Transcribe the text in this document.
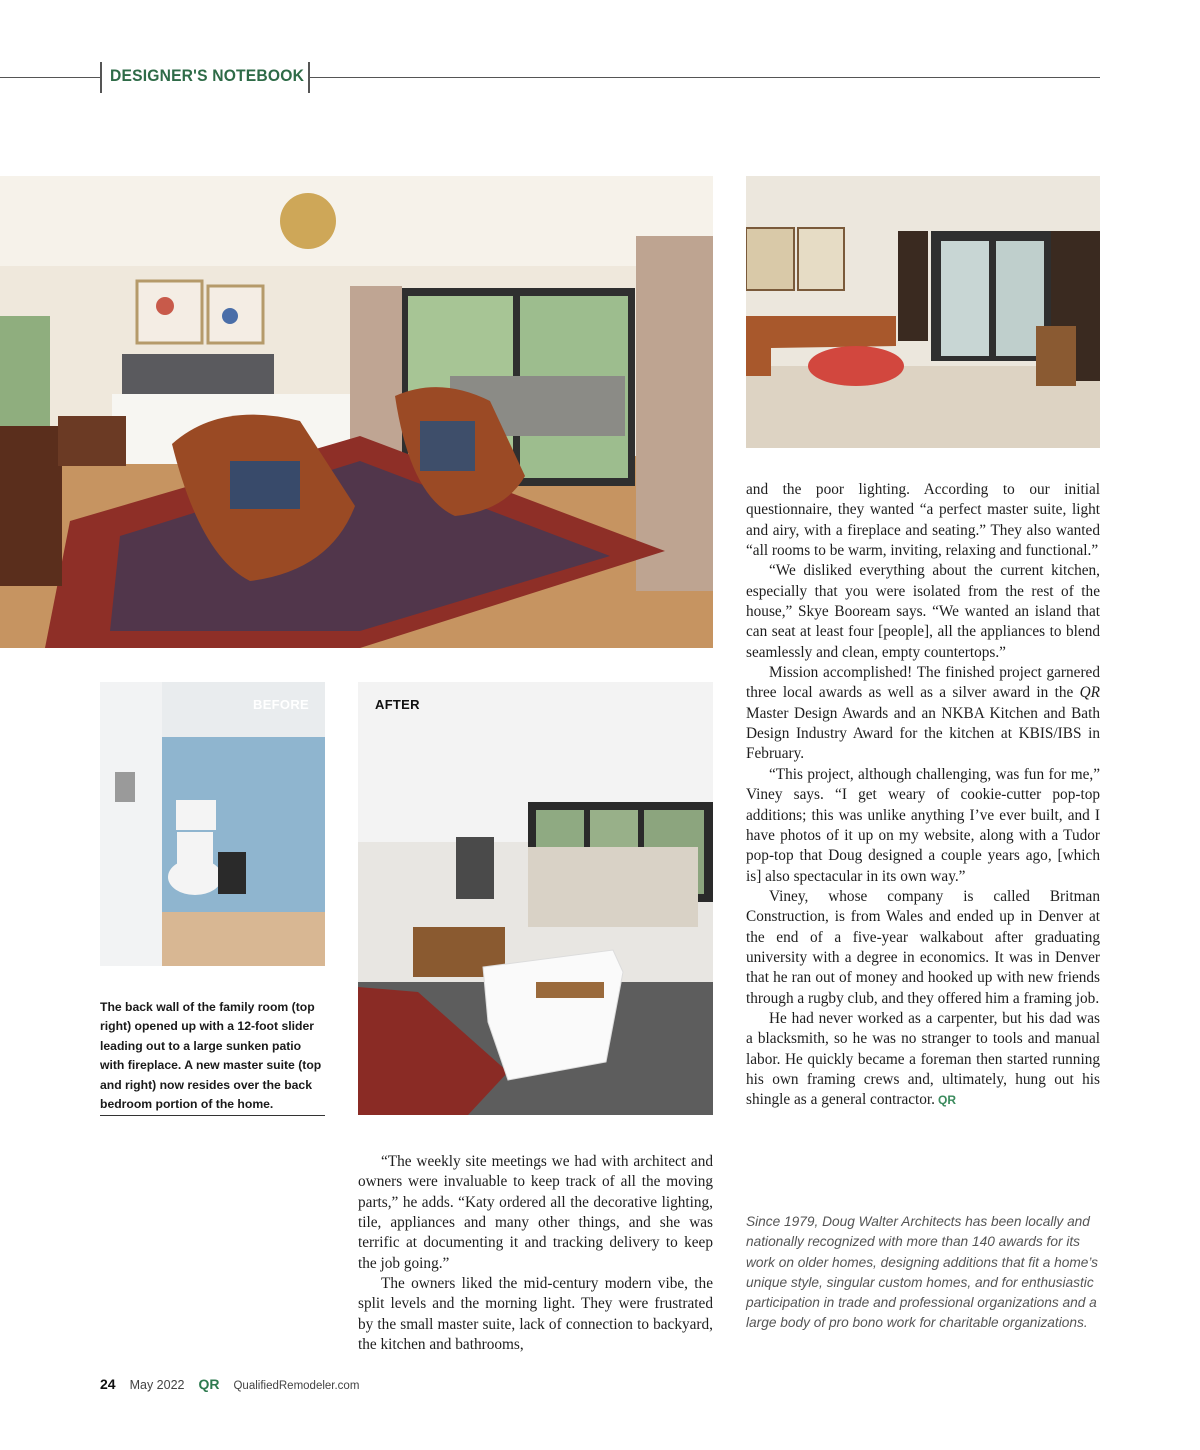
DESIGNER'S NOTEBOOK
BEFORE	AFTER
The back wall of the family room (top right) opened up with a 12-foot slider leading out to a large sunken patio with fireplace. A new master suite (top and right) now resides over the back bedroom portion of the home.

“The weekly site meetings we had with architect and owners were invaluable to keep track of all the moving parts,” he adds. “Katy ordered all the decorative lighting, tile, appliances and many other things, and she was terrific at documenting it and tracking delivery to keep the job going.”

The owners liked the mid-century modern vibe, the split levels and the morning light. They were frustrated by the small master suite, lack of connection to backyard, the kitchen and bathrooms,

and the poor lighting. According to our initial questionnaire, they wanted “a perfect master suite, light and airy, with a fireplace and seating.” They also wanted “all rooms to be warm, inviting, relaxing and functional.”

“We disliked everything about the current kitchen, especially that you were isolated from the rest of the house,” Skye Booream says. “We wanted an island that can seat at least four [people], all the appliances to blend seamlessly and clean, empty countertops.”

Mission accomplished! The finished project garnered three local awards as well as a silver award in the QR Master Design Awards and an NKBA Kitchen and Bath Design Industry Award for the kitchen at KBIS/IBS in February.

“This project, although challenging, was fun for me,” Viney says. “I get weary of cookie-cutter pop-top additions; this was unlike anything I’ve ever built, and I have photos of it up on my website, along with a Tudor pop-top that Doug designed a couple years ago, [which is] also spectacular in its own way.”

Viney, whose company is called Britman Construction, is from Wales and ended up in Denver at the end of a five-year walkabout after graduating university with a degree in economics. It was in Denver that he ran out of money and hooked up with new friends through a rugby club, and they offered him a framing job.

He had never worked as a carpenter, but his dad was a blacksmith, so he was no stranger to tools and manual labor. He quickly became a foreman then started running his own framing crews and, ultimately, hung out his shingle as a general contractor. QR

Since 1979, Doug Walter Architects has been locally and nationally recognized with more than 140 awards for its work on older homes, designing additions that fit a home’s unique style, singular custom homes, and for enthusiastic participation in trade and professional organizations and a large body of pro bono work for charitable organizations.
24 May 2022 QR QualifiedRemodeler.com
